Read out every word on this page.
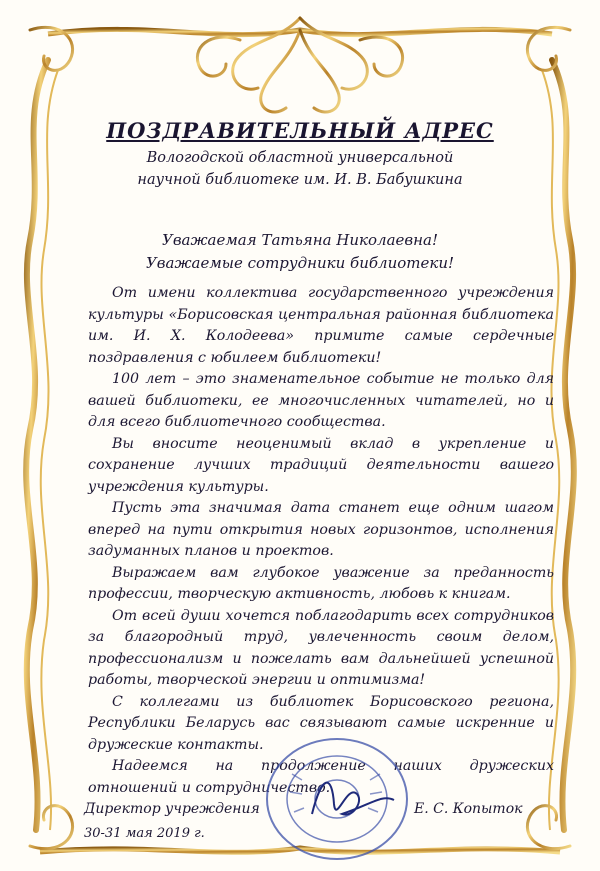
ПОЗДРАВИТЕЛЬНЫЙ АДРЕС
Вологодской областной универсальной
научной библиотеке им. И. В. Бабушкина
Уважаемая Татьяна Николаевна!
Уважаемые сотрудники библиотеки!

От имени коллектива государственного учреждения культуры «Борисовская центральная районная библиотека им. И. Х. Колодеева» примите самые сердечные поздравления с юбилеем библиотеки!

100 лет – это знаменательное событие не только для вашей библиотеки, ее многочисленных читателей, но и для всего библиотечного сообщества.

Вы вносите неоценимый вклад в укрепление и сохранение лучших традиций деятельности вашего учреждения культуры.

Пусть эта значимая дата станет еще одним шагом вперед на пути открытия новых горизонтов, исполнения задуманных планов и проектов.

Выражаем вам глубокое уважение за преданность профессии, творческую активность, любовь к книгам.

От всей души хочется поблагодарить всех сотрудников за благородный труд, увлеченность своим делом, профессионализм и пожелать вам дальнейшей успешной работы, творческой энергии и оптимизма!

С коллегами из библиотек Борисовского региона, Республики Беларусь вас связывают самые искренние и дружеские контакты.

Надеемся на продолжение наших дружеских отношений и сотрудничество.

Директор учреждения
30-31 мая 2019 г.
Е. С. Копыток
